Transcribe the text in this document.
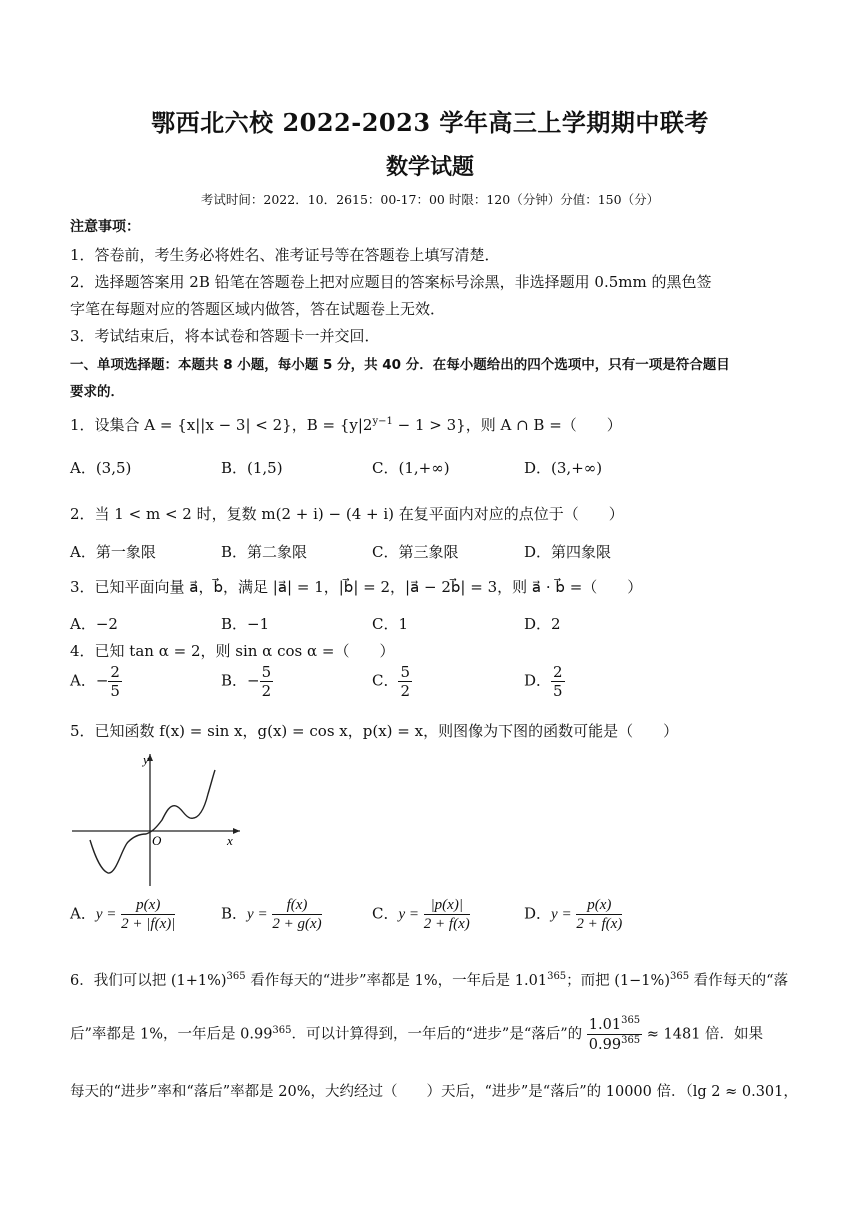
鄂西北六校 2022-2023 学年高三上学期期中联考
数学试题
考试时间：2022．10．2615：00-17：00 时限：120（分钟）分值：150（分）
注意事项：
1．答卷前，考生务必将姓名、准考证号等在答题卷上填写清楚．
2．选择题答案用 2B 铅笔在答题卷上把对应题目的答案标号涂黑，非选择题用 0.5mm 的黑色签
字笔在每题对应的答题区域内做答，答在试题卷上无效．
3．考试结束后，将本试卷和答题卡一并交回．
一、单项选择题：本题共 8 小题，每小题 5 分，共 40 分．在每小题给出的四个选项中，只有一项是符合题目
要求的．
1．设集合 A = {x||x − 3| < 2}，$B = \{y|2^{y-1} - 1 > 3\}$，则 A ∩ B =（　　）
A．(3,5)	B．(1,5)	C．(1,+∞)	D．(3,+∞)
2．当 1 < m < 2 时，复数 m(2 + i) − (4 + i) 在复平面内对应的点位于（　　）
A．第一象限	B．第二象限	C．第三象限	D．第四象限
3．已知平面向量 a⃗，b⃗，满足 |a⃗| = 1，|b⃗| = 2，|a⃗ − 2b⃗| = 3，则 a⃗ · b⃗ =（　　）
A．−2	B．−1	C．1	D．2
4．已知 tan α = 2，则 sin α cos α =（　　）
A．− $\frac{2}{5}$	B．− $\frac{5}{2}$	C． $\frac{5}{2}$	D． $\frac{2}{5}$
5．已知函数 f(x) = sin x，g(x) = cos x，p(x) = x，则图像为下图的函数可能是（　　）
y
x
O
A．$y = \frac{p(x)}{2 + |f(x)|}$	B．$y = \frac{f(x)}{2 + g(x)}$	C．$y = \frac{|p(x)|}{2 + f(x)}$	D．$y = \frac{p(x)}{2 + f(x)}$
6．我们可以把 $(1+1\%)^{365}$ 看作每天的“进步”率都是 1%，一年后是 1.01$^{365}$；而把 $(1-1\%)^{365}$ 看作每天的“落
后”率都是 1%，一年后是 0.99$^{365}$．可以计算得到，一年后的“进步”是“落后”的 $\frac{1.01^{365}}{0.99^{365}} \approx 1481$ 倍．如果
每天的“进步”率和“落后”率都是 20%，大约经过（　　）天后，“进步”是“落后”的 10000 倍．（lg 2 ≈ 0.301，
